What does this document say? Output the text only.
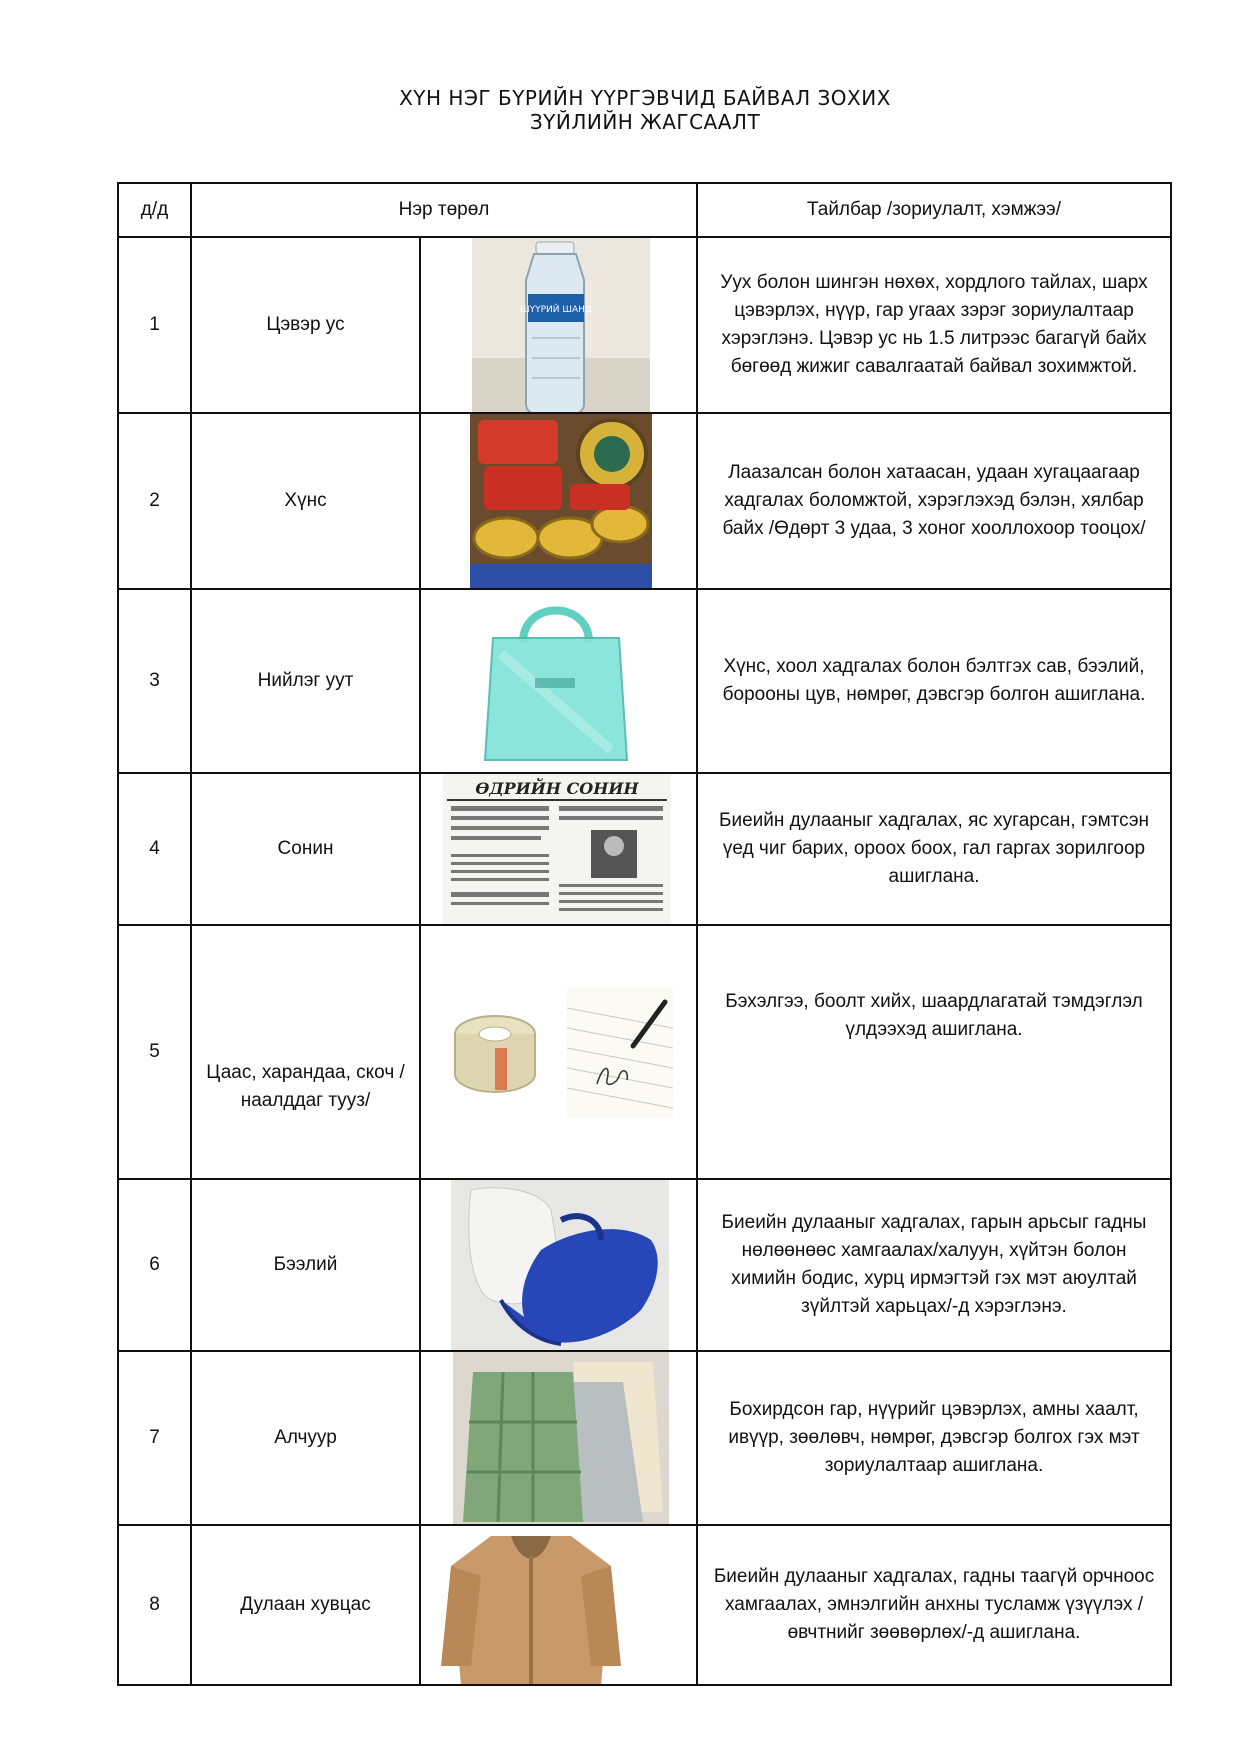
ХҮН НЭГ БҮРИЙН ҮҮРГЭВЧИД БАЙВАЛ ЗОХИХ
ЗҮЙЛИЙН ЖАГСААЛТ
д/д	Нэр төрөл		Тайлбар /зориулалт, хэмжээ/
1	Цэвэр ус	ШҮҮРИЙ ШАНД	Уух болон шингэн нөхөх, хордлого тайлах, шарх цэвэрлэх, нүүр, гар угаах зэрэг зориулалтаар хэрэглэнэ. Цэвэр ус нь 1.5 литрээс багагүй байх бөгөөд жижиг савалгаатай байвал зохимжтой.
2	Хүнс		Лаазалсан болон хатаасан, удаан хугацаагаар хадгалах боломжтой, хэрэглэхэд бэлэн, хялбар байх /Өдөрт 3 удаа, 3 хоног хооллохоор тооцох/
3	Нийлэг уут		Хүнс, хоол хадгалах болон бэлтгэх сав, бээлий, борооны цув, нөмрөг, дэвсгэр болгон ашиглана.
4	Сонин	ӨДРИЙН СОНИН	Биеийн дулааныг хадгалах, яс хугарсан, гэмтсэн үед чиг барих, ороох боох, гал гаргах зорилгоор ашиглана.
5	Цаас, харандаа, скоч /наалддаг тууз/		Бэхэлгээ, боолт хийх, шаардлагатай тэмдэглэл үлдээхэд ашиглана.
6	Бээлий		Биеийн дулааныг хадгалах, гарын арьсыг гадны нөлөөнөөс хамгаалах/халуун, хүйтэн болон химийн бодис, хурц ирмэгтэй гэх мэт аюултай зүйлтэй харьцах/-д хэрэглэнэ.
7	Алчуур		Бохирдсон гар, нүүрийг цэвэрлэх, амны хаалт, ивүүр, зөөлөвч, нөмрөг, дэвсгэр болгох гэх мэт зориулалтаар ашиглана.
8	Дулаан хувцас		Биеийн дулааныг хадгалах, гадны таагүй орчноос хамгаалах, эмнэлгийн анхны тусламж үзүүлэх /өвчтнийг зөөвөрлөх/-д ашиглана.
